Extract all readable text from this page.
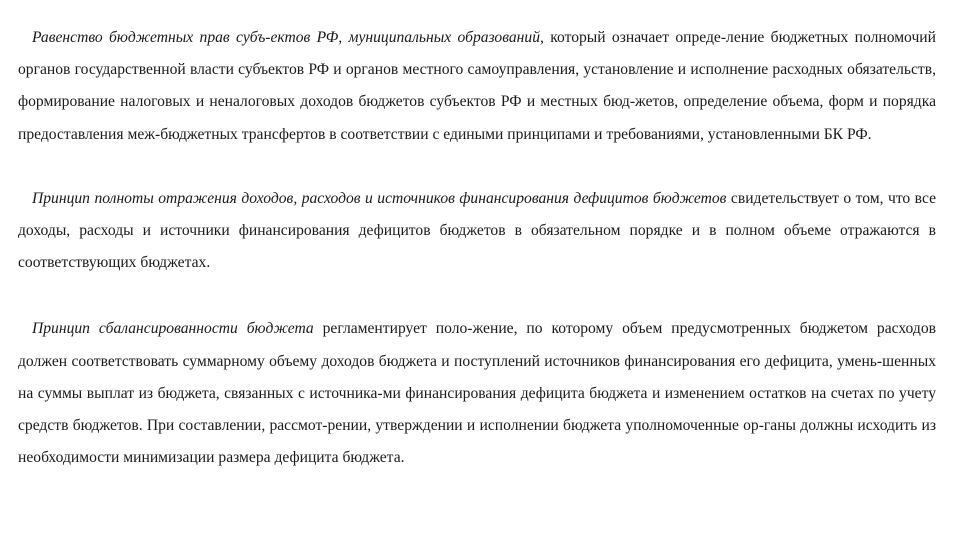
Равенство бюджетных прав субъ-ектов РФ, муниципальных образований, который означает опреде-ление бюджетных полномочий органов государственной власти субъектов РФ и органов местного самоуправления, установление и исполнение расходных обязательств, формирование налоговых и неналоговых доходов бюджетов субъектов РФ и местных бюд-жетов, определение объема, форм и порядка предоставления меж-бюджетных трансфертов в соответствии с едиными принципами и требованиями, установленными БК РФ.

Принцип полноты отражения доходов, расходов и источников финансирования дефицитов бюджетов свидетельствует о том, что все доходы, расходы и источники финансирования дефицитов бюджетов в обязательном порядке и в полном объеме отражаются в соответствующих бюджетах.

Принцип сбалансированности бюджета регламентирует поло-жение, по которому объем предусмотренных бюджетом расходов должен соответствовать суммарному объему доходов бюджета и поступлений источников финансирования его дефицита, умень-шенных на суммы выплат из бюджета, связанных с источника-ми финансирования дефицита бюджета и изменением остатков на счетах по учету средств бюджетов. При составлении, рассмот-рении, утверждении и исполнении бюджета уполномоченные ор-ганы должны исходить из необходимости минимизации размера дефицита бюджета.
